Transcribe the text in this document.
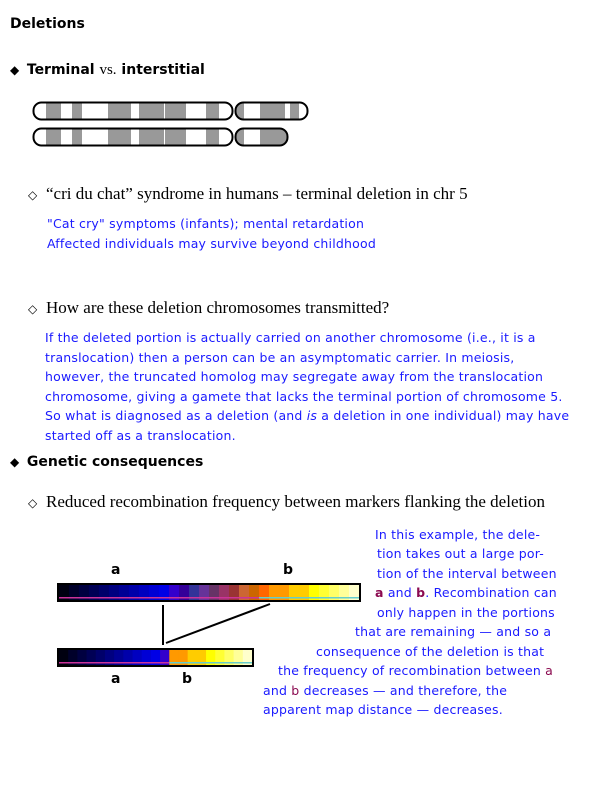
Deletions
◆ Terminal vs. interstitial
◇ “cri du chat” syndrome in humans – terminal deletion in chr 5
"Cat cry" symptoms (infants); mental retardation
Affected individuals may survive beyond childhood
◇ How are these deletion chromosomes transmitted?
If the deleted portion is actually carried on another chromosome (i.e., it is a
translocation) then a person can be an asymptomatic carrier. In meiosis,
however, the truncated homolog may segregate away from the translocation
chromosome, giving a gamete that lacks the terminal portion of chromosome 5.
So what is diagnosed as a deletion (and is a deletion in one individual) may have
started off as a translocation.
◆ Genetic consequences
◇ Reduced recombination frequency between markers flanking the deletion
a	b
a	b
In this example, the dele-
tion takes out a large por-
tion of the interval between
a and b. Recombination can
only happen in the portions
that are remaining — and so a
consequence of the deletion is that
the frequency of recombination between a
and b decreases — and therefore, the
apparent map distance — decreases.
